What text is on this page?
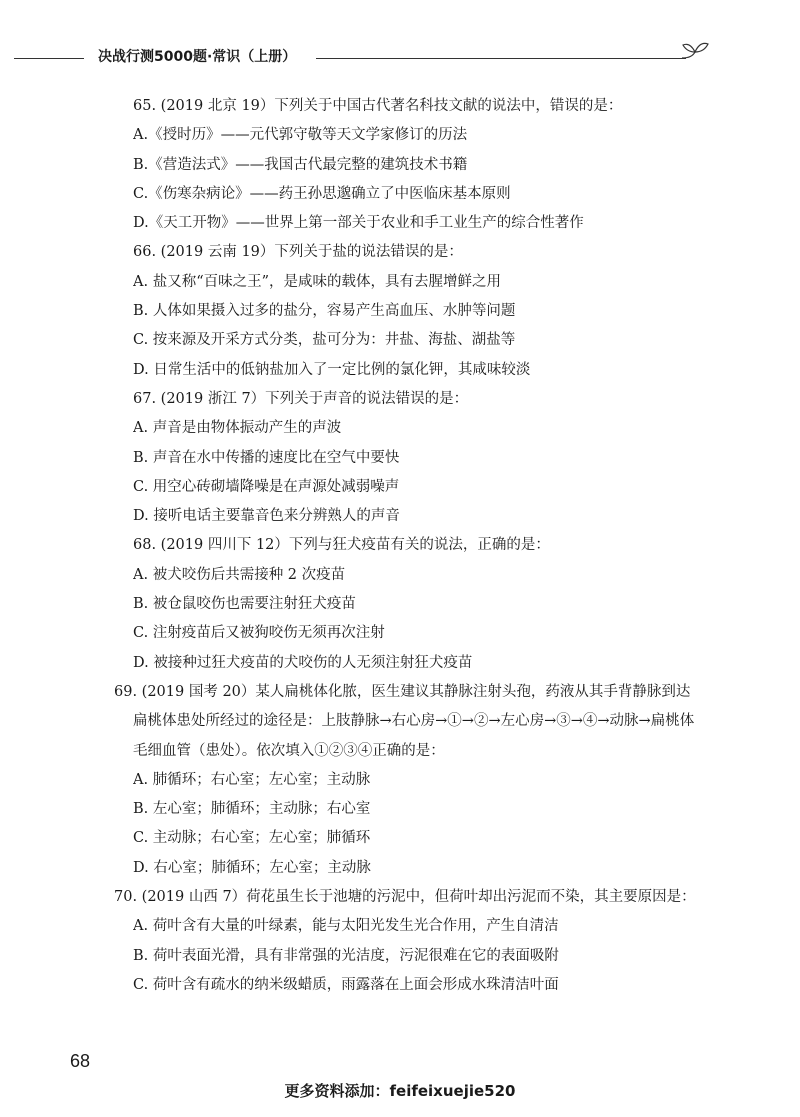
决战行测5000题·常识（上册）
65. (2019 北京 19）下列关于中国古代著名科技文献的说法中，错误的是：
A.《授时历》——元代郭守敬等天文学家修订的历法
B.《营造法式》——我国古代最完整的建筑技术书籍
C.《伤寒杂病论》——药王孙思邈确立了中医临床基本原则
D.《天工开物》——世界上第一部关于农业和手工业生产的综合性著作
66. (2019 云南 19）下列关于盐的说法错误的是：
A. 盐又称“百味之王”，是咸味的载体，具有去腥增鲜之用
B. 人体如果摄入过多的盐分，容易产生高血压、水肿等问题
C. 按来源及开采方式分类，盐可分为：井盐、海盐、湖盐等
D. 日常生活中的低钠盐加入了一定比例的氯化钾，其咸味较淡
67. (2019 浙江 7）下列关于声音的说法错误的是：
A. 声音是由物体振动产生的声波
B. 声音在水中传播的速度比在空气中要快
C. 用空心砖砌墙降噪是在声源处减弱噪声
D. 接听电话主要靠音色来分辨熟人的声音
68. (2019 四川下 12）下列与狂犬疫苗有关的说法，正确的是：
A. 被犬咬伤后共需接种 2 次疫苗
B. 被仓鼠咬伤也需要注射狂犬疫苗
C. 注射疫苗后又被狗咬伤无须再次注射
D. 被接种过狂犬疫苗的犬咬伤的人无须注射狂犬疫苗
69. (2019 国考 20）某人扁桃体化脓，医生建议其静脉注射头孢，药液从其手背静脉到达扁桃体患处所经过的途径是：上肢静脉→右心房→①→②→左心房→③→④→动脉→扁桃体毛细血管（患处）。依次填入①②③④正确的是：
A. 肺循环；右心室；左心室；主动脉
B. 左心室；肺循环；主动脉；右心室
C. 主动脉；右心室；左心室；肺循环
D. 右心室；肺循环；左心室；主动脉
70. (2019 山西 7）荷花虽生长于池塘的污泥中，但荷叶却出污泥而不染，其主要原因是：
A. 荷叶含有大量的叶绿素，能与太阳光发生光合作用，产生自清洁
B. 荷叶表面光滑，具有非常强的光洁度，污泥很难在它的表面吸附
C. 荷叶含有疏水的纳米级蜡质，雨露落在上面会形成水珠清洁叶面
68
更多资料添加：feifeixuejie520
